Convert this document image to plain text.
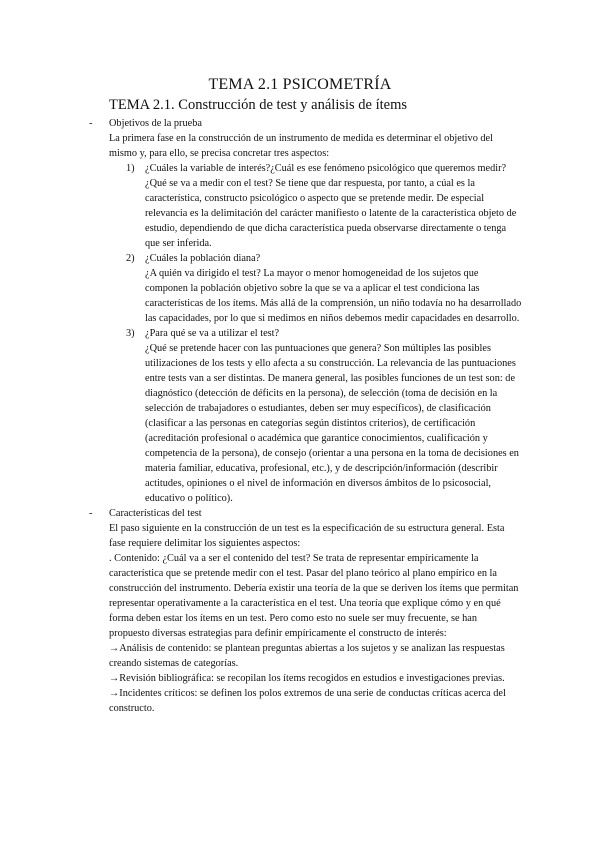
TEMA 2.1 PSICOMETRÍA
TEMA 2.1. Construcción de test y análisis de ítems
- Objetivos de la prueba

La primera fase en la construcción de un instrumento de medida es determinar el objetivo del mismo y, para ello, se precisa concretar tres aspectos:

1) ¿Cuáles la variable de interés?¿Cuál es ese fenómeno psicológico que queremos medir?

¿Qué se va a medir con el test? Se tiene que dar respuesta, por tanto, a cúal es la característica, constructo psicológico o aspecto que se pretende medir. De especial relevancia es la delimitación del carácter manifiesto o latente de la característica objeto de estudio, dependiendo de que dicha característica pueda observarse directamente o tenga que ser inferida.

2) ¿Cuáles la población diana?

¿A quién va dirigido el test? La mayor o menor homogeneidad de los sujetos que componen la población objetivo sobre la que se va a aplicar el test condiciona las características de los ítems. Más allá de la comprensión, un niño todavía no ha desarrollado las capacidades, por lo que si medimos en niños debemos medir capacidades en desarrollo.

3) ¿Para qué se va a utilizar el test?

¿Qué se pretende hacer con las puntuaciones que genera? Son múltiples las posibles utilizaciones de los tests y ello afecta a su construcción. La relevancia de las puntuaciones entre tests van a ser distintas. De manera general, las posibles funciones de un test son: de diagnóstico (detección de déficits en la persona), de selección (toma de decisión en la selección de trabajadores o estudiantes, deben ser muy específicos), de clasificación (clasificar a las personas en categorías según distintos criterios), de certificación (acreditación profesional o académica que garantice conocimientos, cualificación y competencia de la persona), de consejo (orientar a una persona en la toma de decisiones en materia familiar, educativa, profesional, etc.), y de descripción/información (describir actitudes, opiniones o el nivel de información en diversos ámbitos de lo psicosocial, educativo o político).

- Características del test

El paso siguiente en la construcción de un test es la especificación de su estructura general. Esta fase requiere delimitar los siguientes aspectos:

. Contenido: ¿Cuál va a ser el contenido del test? Se trata de representar empíricamente la característica que se pretende medir con el test. Pasar del plano teórico al plano empírico en la construcción del instrumento. Debería existir una teoría de la que se deriven los ítems que permitan representar operativamente a la característica en el test. Una teoría que explique cómo y en qué forma deben estar los ítems en un test. Pero como esto no suele ser muy frecuente, se han propuesto diversas estrategias para definir empíricamente el constructo de interés:

→Análisis de contenido: se plantean preguntas abiertas a los sujetos y se analizan las respuestas creando sistemas de categorías.

→Revisión bibliográfica: se recopilan los ítems recogidos en estudios e investigaciones previas.

→Incidentes críticos: se definen los polos extremos de una serie de conductas críticas acerca del constructo.
